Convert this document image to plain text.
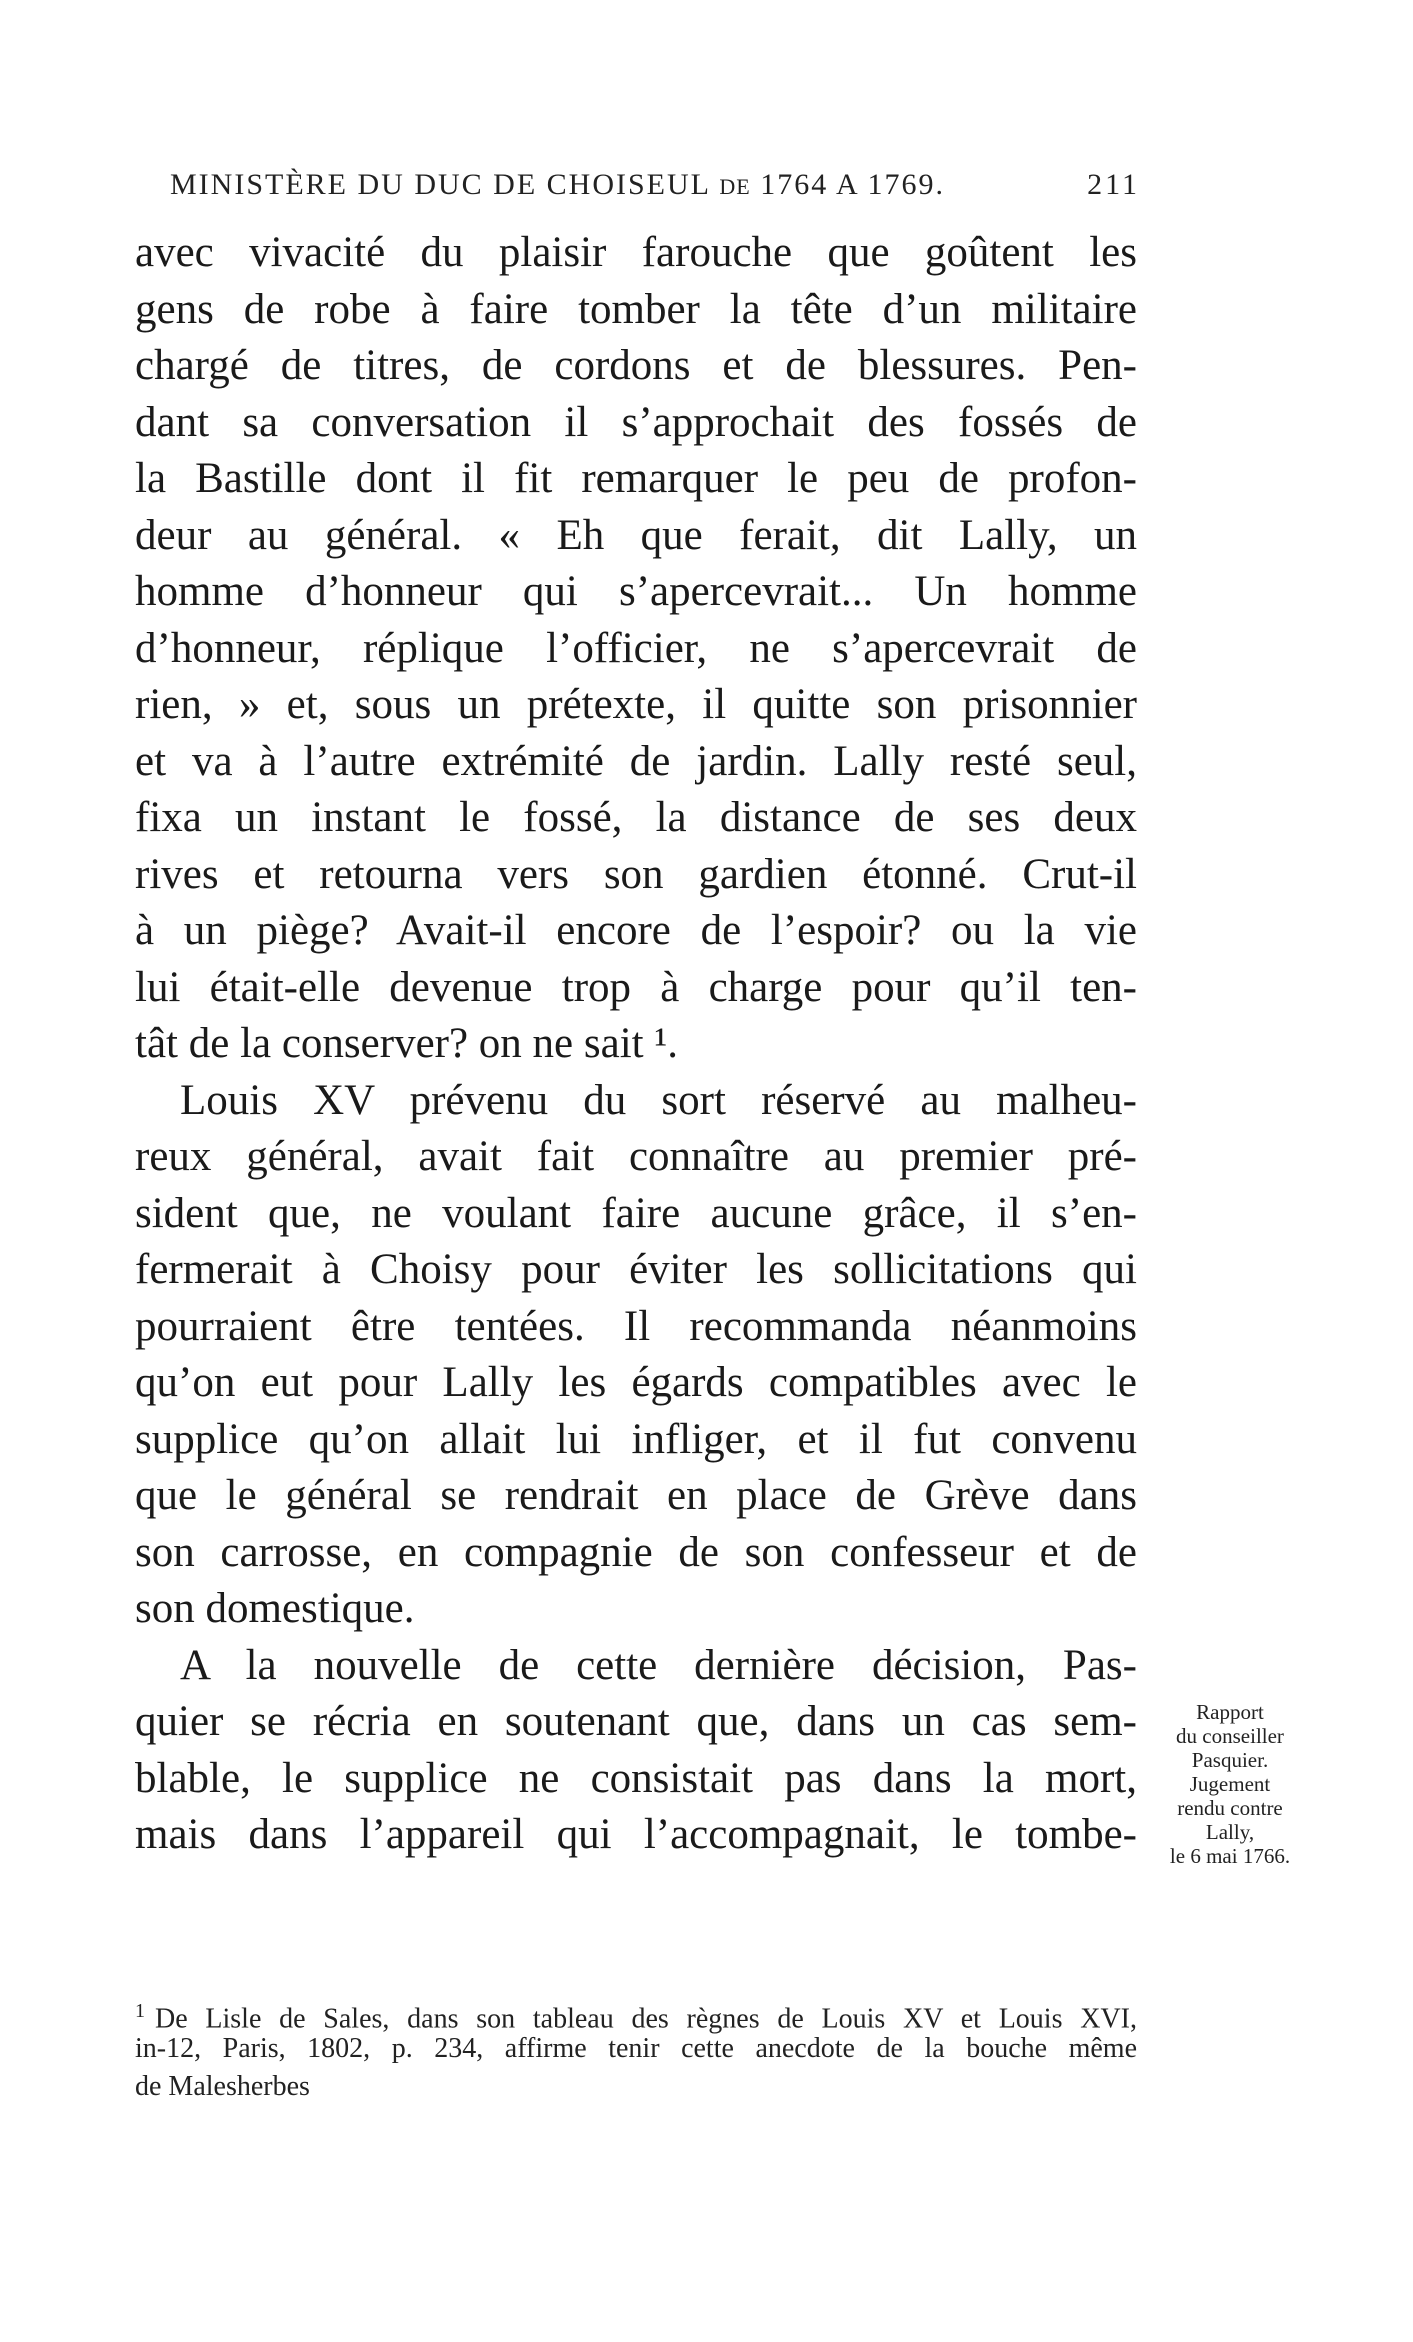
MINISTÈRE DU DUC DE CHOISEUL DE 1764 A 1769.	211
avec vivacité du plaisir farouche que goûtent les
gens de robe à faire tomber la tête d’un militaire
chargé de titres, de cordons et de blessures. Pen-
dant sa conversation il s’approchait des fossés de
la Bastille dont il fit remarquer le peu de profon-
deur au général. « Eh que ferait, dit Lally, un
homme d’honneur qui s’apercevrait... Un homme
d’honneur, réplique l’officier, ne s’apercevrait de
rien, » et, sous un prétexte, il quitte son prisonnier
et va à l’autre extrémité de jardin. Lally resté seul,
fixa un instant le fossé, la distance de ses deux
rives et retourna vers son gardien étonné. Crut-il
à un piège? Avait-il encore de l’espoir? ou la vie
lui était-elle devenue trop à charge pour qu’il ten-
tât de la conserver? on ne sait ¹.
Louis XV prévenu du sort réservé au malheu-
reux général, avait fait connaître au premier pré-
sident que, ne voulant faire aucune grâce, il s’en-
fermerait à Choisy pour éviter les sollicitations qui
pourraient être tentées. Il recommanda néanmoins
qu’on eut pour Lally les égards compatibles avec le
supplice qu’on allait lui infliger, et il fut convenu
que le général se rendrait en place de Grève dans
son carrosse, en compagnie de son confesseur et de
son domestique.
A la nouvelle de cette dernière décision, Pas-
quier se récria en soutenant que, dans un cas sem-
blable, le supplice ne consistait pas dans la mort,
mais dans l’appareil qui l’accompagnait, le tombe-
Rapport
du conseiller
Pasquier.
Jugement
rendu contre
Lally,
le 6 mai 1766.
$^1$ De Lisle de Sales, dans son tableau des règnes de Louis XV et Louis XVI,
in-12, Paris, 1802, p. 234, affirme tenir cette anecdote de la bouche même
de Malesherbes
